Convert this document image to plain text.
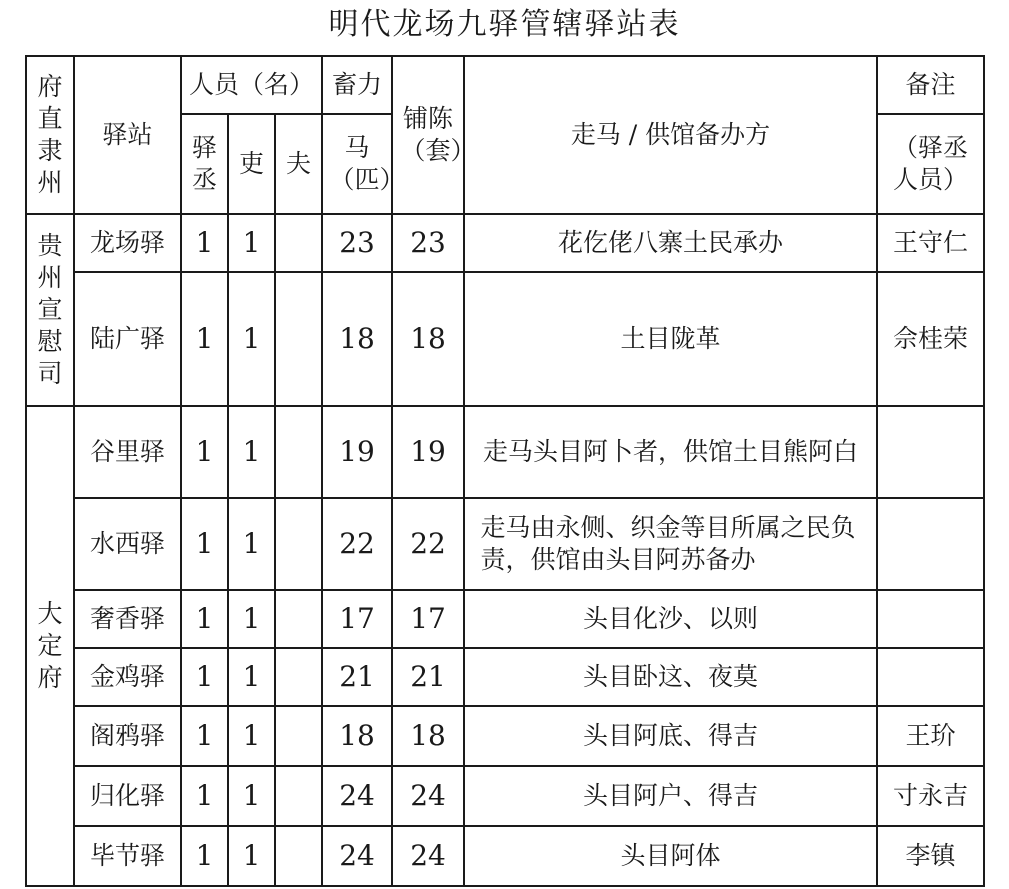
明代龙场九驿管辖驿站表
府直隶州	驿站	人员（名）			畜力	铺陈（套）	走马 / 供馆备办方	备注
		驿丞	吏	夫	马（匹）			（驿丞人员）
贵州宣慰司	龙场驿	1	1		23	23	花仡佬八寨土民承办	王守仁
	陆广驿	1	1		18	18	土目陇革	佘桂荣
大定府	谷里驿	1	1		19	19	走马头目阿卜者，供馆土目熊阿白	
	水西驿	1	1		22	22	走马由永侧、织金等目所属之民负责，供馆由头目阿苏备办	
	奢香驿	1	1		17	17	头目化沙、以则	
	金鸡驿	1	1		21	21	头目卧这、夜莫	
	阁鸦驿	1	1		18	18	头目阿底、得吉	王玠
	归化驿	1	1		24	24	头目阿户、得吉	寸永吉
	毕节驿	1	1		24	24	头目阿体	李镇
